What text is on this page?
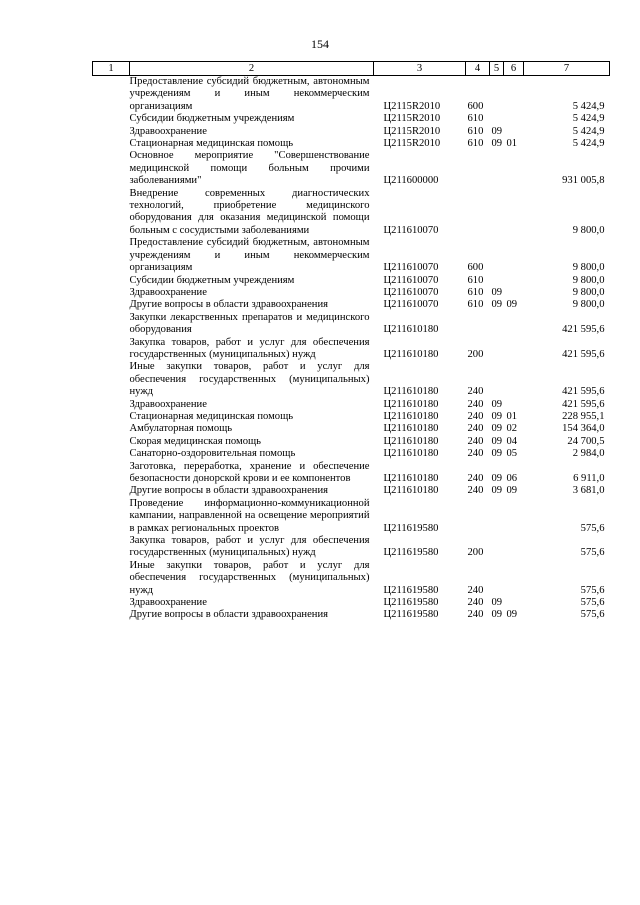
154
1	2	3	4	5	6	7
	Предоставление субсидий бюджетным, автономным учреждениям и иным некоммерческим организациям	Ц2115R2010	600			5 424,9
	Субсидии бюджетным учреждениям	Ц2115R2010	610			5 424,9
	Здравоохранение	Ц2115R2010	610	09		5 424,9
	Стационарная медицинская помощь	Ц2115R2010	610	09	01	5 424,9
	Основное мероприятие "Совершенствование медицинской помощи больным прочими заболеваниями"	Ц211600000				931 005,8
	Внедрение современных диагностических технологий, приобретение медицинского оборудования для оказания медицинской помощи больным с сосудистыми заболеваниями	Ц211610070				9 800,0
	Предоставление субсидий бюджетным, автономным учреждениям и иным некоммерческим организациям	Ц211610070	600			9 800,0
	Субсидии бюджетным учреждениям	Ц211610070	610			9 800,0
	Здравоохранение	Ц211610070	610	09		9 800,0
	Другие вопросы в области здравоохранения	Ц211610070	610	09	09	9 800,0
	Закупки лекарственных препаратов и медицинского оборудования	Ц211610180				421 595,6
	Закупка товаров, работ и услуг для обеспечения государственных (муниципальных) нужд	Ц211610180	200			421 595,6
	Иные закупки товаров, работ и услуг для обеспечения государственных (муниципальных) нужд	Ц211610180	240			421 595,6
	Здравоохранение	Ц211610180	240	09		421 595,6
	Стационарная медицинская помощь	Ц211610180	240	09	01	228 955,1
	Амбулаторная помощь	Ц211610180	240	09	02	154 364,0
	Скорая медицинская помощь	Ц211610180	240	09	04	24 700,5
	Санаторно-оздоровительная помощь	Ц211610180	240	09	05	2 984,0
	Заготовка, переработка, хранение и обеспечение безопасности донорской крови и ее компонентов	Ц211610180	240	09	06	6 911,0
	Другие вопросы в области здравоохранения	Ц211610180	240	09	09	3 681,0
	Проведение информационно-коммуникационной кампании, направленной на освещение мероприятий в рамках региональных проектов	Ц211619580				575,6
	Закупка товаров, работ и услуг для обеспечения государственных (муниципальных) нужд	Ц211619580	200			575,6
	Иные закупки товаров, работ и услуг для обеспечения государственных (муниципальных) нужд	Ц211619580	240			575,6
	Здравоохранение	Ц211619580	240	09		575,6
	Другие вопросы в области здравоохранения	Ц211619580	240	09	09	575,6
